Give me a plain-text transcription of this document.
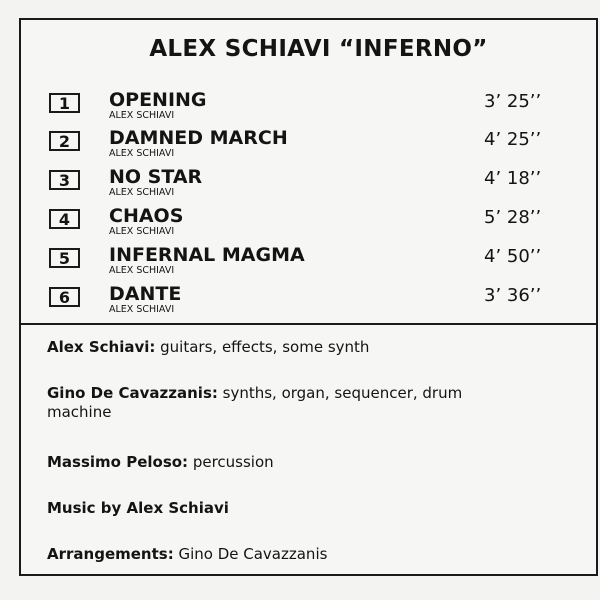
ALEX SCHIAVI “INFERNO”
1	OPENING
ALEX SCHIAVI
3’ 25’’
2	DAMNED MARCH
ALEX SCHIAVI
4’ 25’’
3	NO STAR
ALEX SCHIAVI
4’ 18’’
4	CHAOS
ALEX SCHIAVI
5’ 28’’
5	INFERNAL MAGMA
ALEX SCHIAVI
4’ 50’’
6	DANTE
ALEX SCHIAVI
3’ 36’’
Alex Schiavi: guitars, effects, some synth
Gino De Cavazzanis: synths, organ, sequencer, drum machine
Massimo Peloso: percussion
Music by Alex Schiavi
Arrangements: Gino De Cavazzanis
